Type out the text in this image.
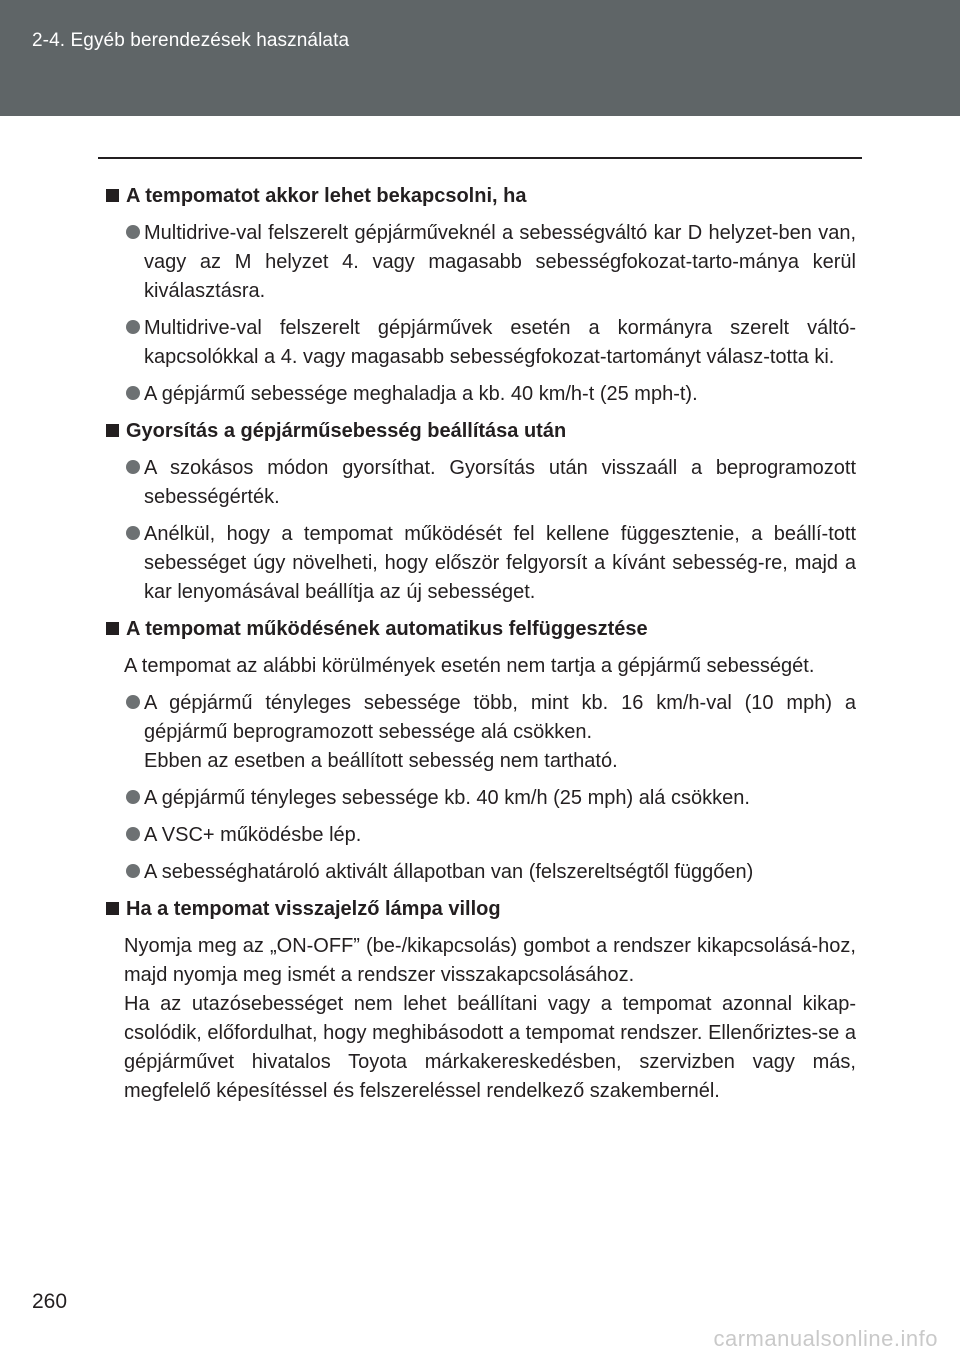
2-4. Egyéb berendezések használata
A tempomatot akkor lehet bekapcsolni, ha
Multidrive-val felszerelt gépjárműveknél a sebességváltó kar D helyzet-ben van, vagy az M helyzet 4. vagy magasabb sebességfokozat-tarto-mánya kerül kiválasztásra.
Multidrive-val felszerelt gépjárművek esetén a kormányra szerelt váltó-kapcsolókkal a 4. vagy magasabb sebességfokozat-tartományt válasz-totta ki.
A gépjármű sebessége meghaladja a kb. 40 km/h-t (25 mph-t).
Gyorsítás a gépjárműsebesség beállítása után
A szokásos módon gyorsíthat. Gyorsítás után visszaáll a beprogramozott sebességérték.
Anélkül, hogy a tempomat működését fel kellene függesztenie, a beállí-tott sebességet úgy növelheti, hogy először felgyorsít a kívánt sebesség-re, majd a kar lenyomásával beállítja az új sebességet.
A tempomat működésének automatikus felfüggesztése
A tempomat az alábbi körülmények esetén nem tartja a gépjármű sebességét.
A gépjármű tényleges sebessége több, mint kb. 16 km/h-val (10 mph) a gépjármű beprogramozott sebessége alá csökken.
Ebben az esetben a beállított sebesség nem tartható.
A gépjármű tényleges sebessége kb. 40 km/h (25 mph) alá csökken.
A VSC+ működésbe lép.
A sebességhatároló aktivált állapotban van (felszereltségtől függően)
Ha a tempomat visszajelző lámpa villog
Nyomja meg az „ON-OFF” (be-/kikapcsolás) gombot a rendszer kikapcsolásá-hoz, majd nyomja meg ismét a rendszer visszakapcsolásához.
Ha az utazósebességet nem lehet beállítani vagy a tempomat azonnal kikap-csolódik, előfordulhat, hogy meghibásodott a tempomat rendszer. Ellenőriztes-se a gépjárművet hivatalos Toyota márkakereskedésben, szervizben vagy más, megfelelő képesítéssel és felszereléssel rendelkező szakembernél.
260
carmanualsonline.info
